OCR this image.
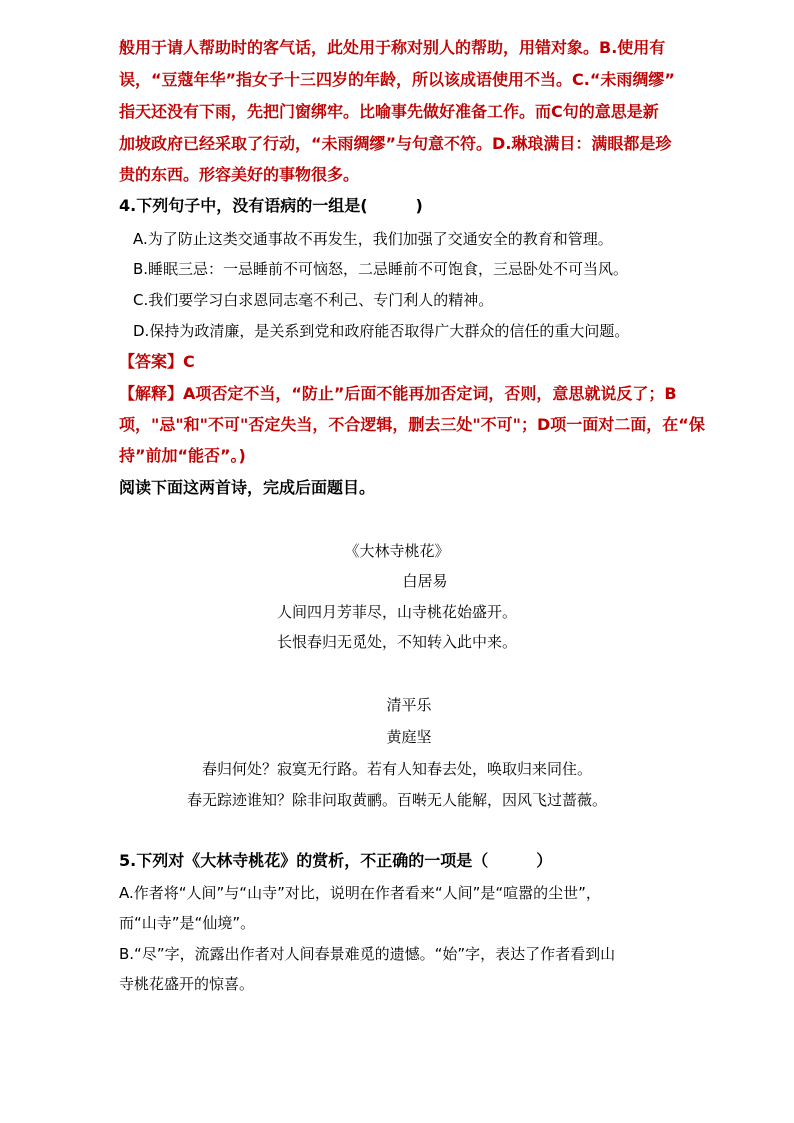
般用于请人帮助时的客气话，此处用于称对别人的帮助，用错对象。B.使用有
误，“豆蔻年华”指女子十三四岁的年龄，所以该成语使用不当。C.“未雨绸缪”
指天还没有下雨，先把门窗绑牢。比喻事先做好准备工作。而C句的意思是新
加坡政府已经采取了行动，“未雨绸缪”与句意不符。D.琳琅满目：满眼都是珍
贵的东西。形容美好的事物很多。
4.下列句子中，没有语病的一组是(　　　)
A.为了防止这类交通事故不再发生，我们加强了交通安全的教育和管理。
B.睡眠三忌：一忌睡前不可恼怒，二忌睡前不可饱食，三忌卧处不可当风。
C.我们要学习白求恩同志毫不利己、专门利人的精神。
D.保持为政清廉，是关系到党和政府能否取得广大群众的信任的重大问题。
【答案】C
【解释】A项否定不当，“防止”后面不能再加否定词，否则，意思就说反了；B
项，"忌"和"不可"否定失当，不合逻辑，删去三处"不可"；D项一面对二面，在“保
持”前加“能否”。)
阅读下面这两首诗，完成后面题目。
《大林寺桃花》
白居易
人间四月芳菲尽，山寺桃花始盛开。
长恨春归无觅处，不知转入此中来。
清平乐
黄庭坚
春归何处？寂寞无行路。若有人知春去处，唤取归来同住。
春无踪迹谁知？除非问取黄鹂。百啭无人能解，因风飞过蔷薇。
5.下列对《大林寺桃花》的赏析，不正确的一项是（　　　）
A.作者将“人间”与“山寺”对比，说明在作者看来“人间”是“喧嚣的尘世”，
而“山寺”是“仙境”。
B.“尽”字，流露出作者对人间春景难觅的遗憾。“始”字，表达了作者看到山
寺桃花盛开的惊喜。
